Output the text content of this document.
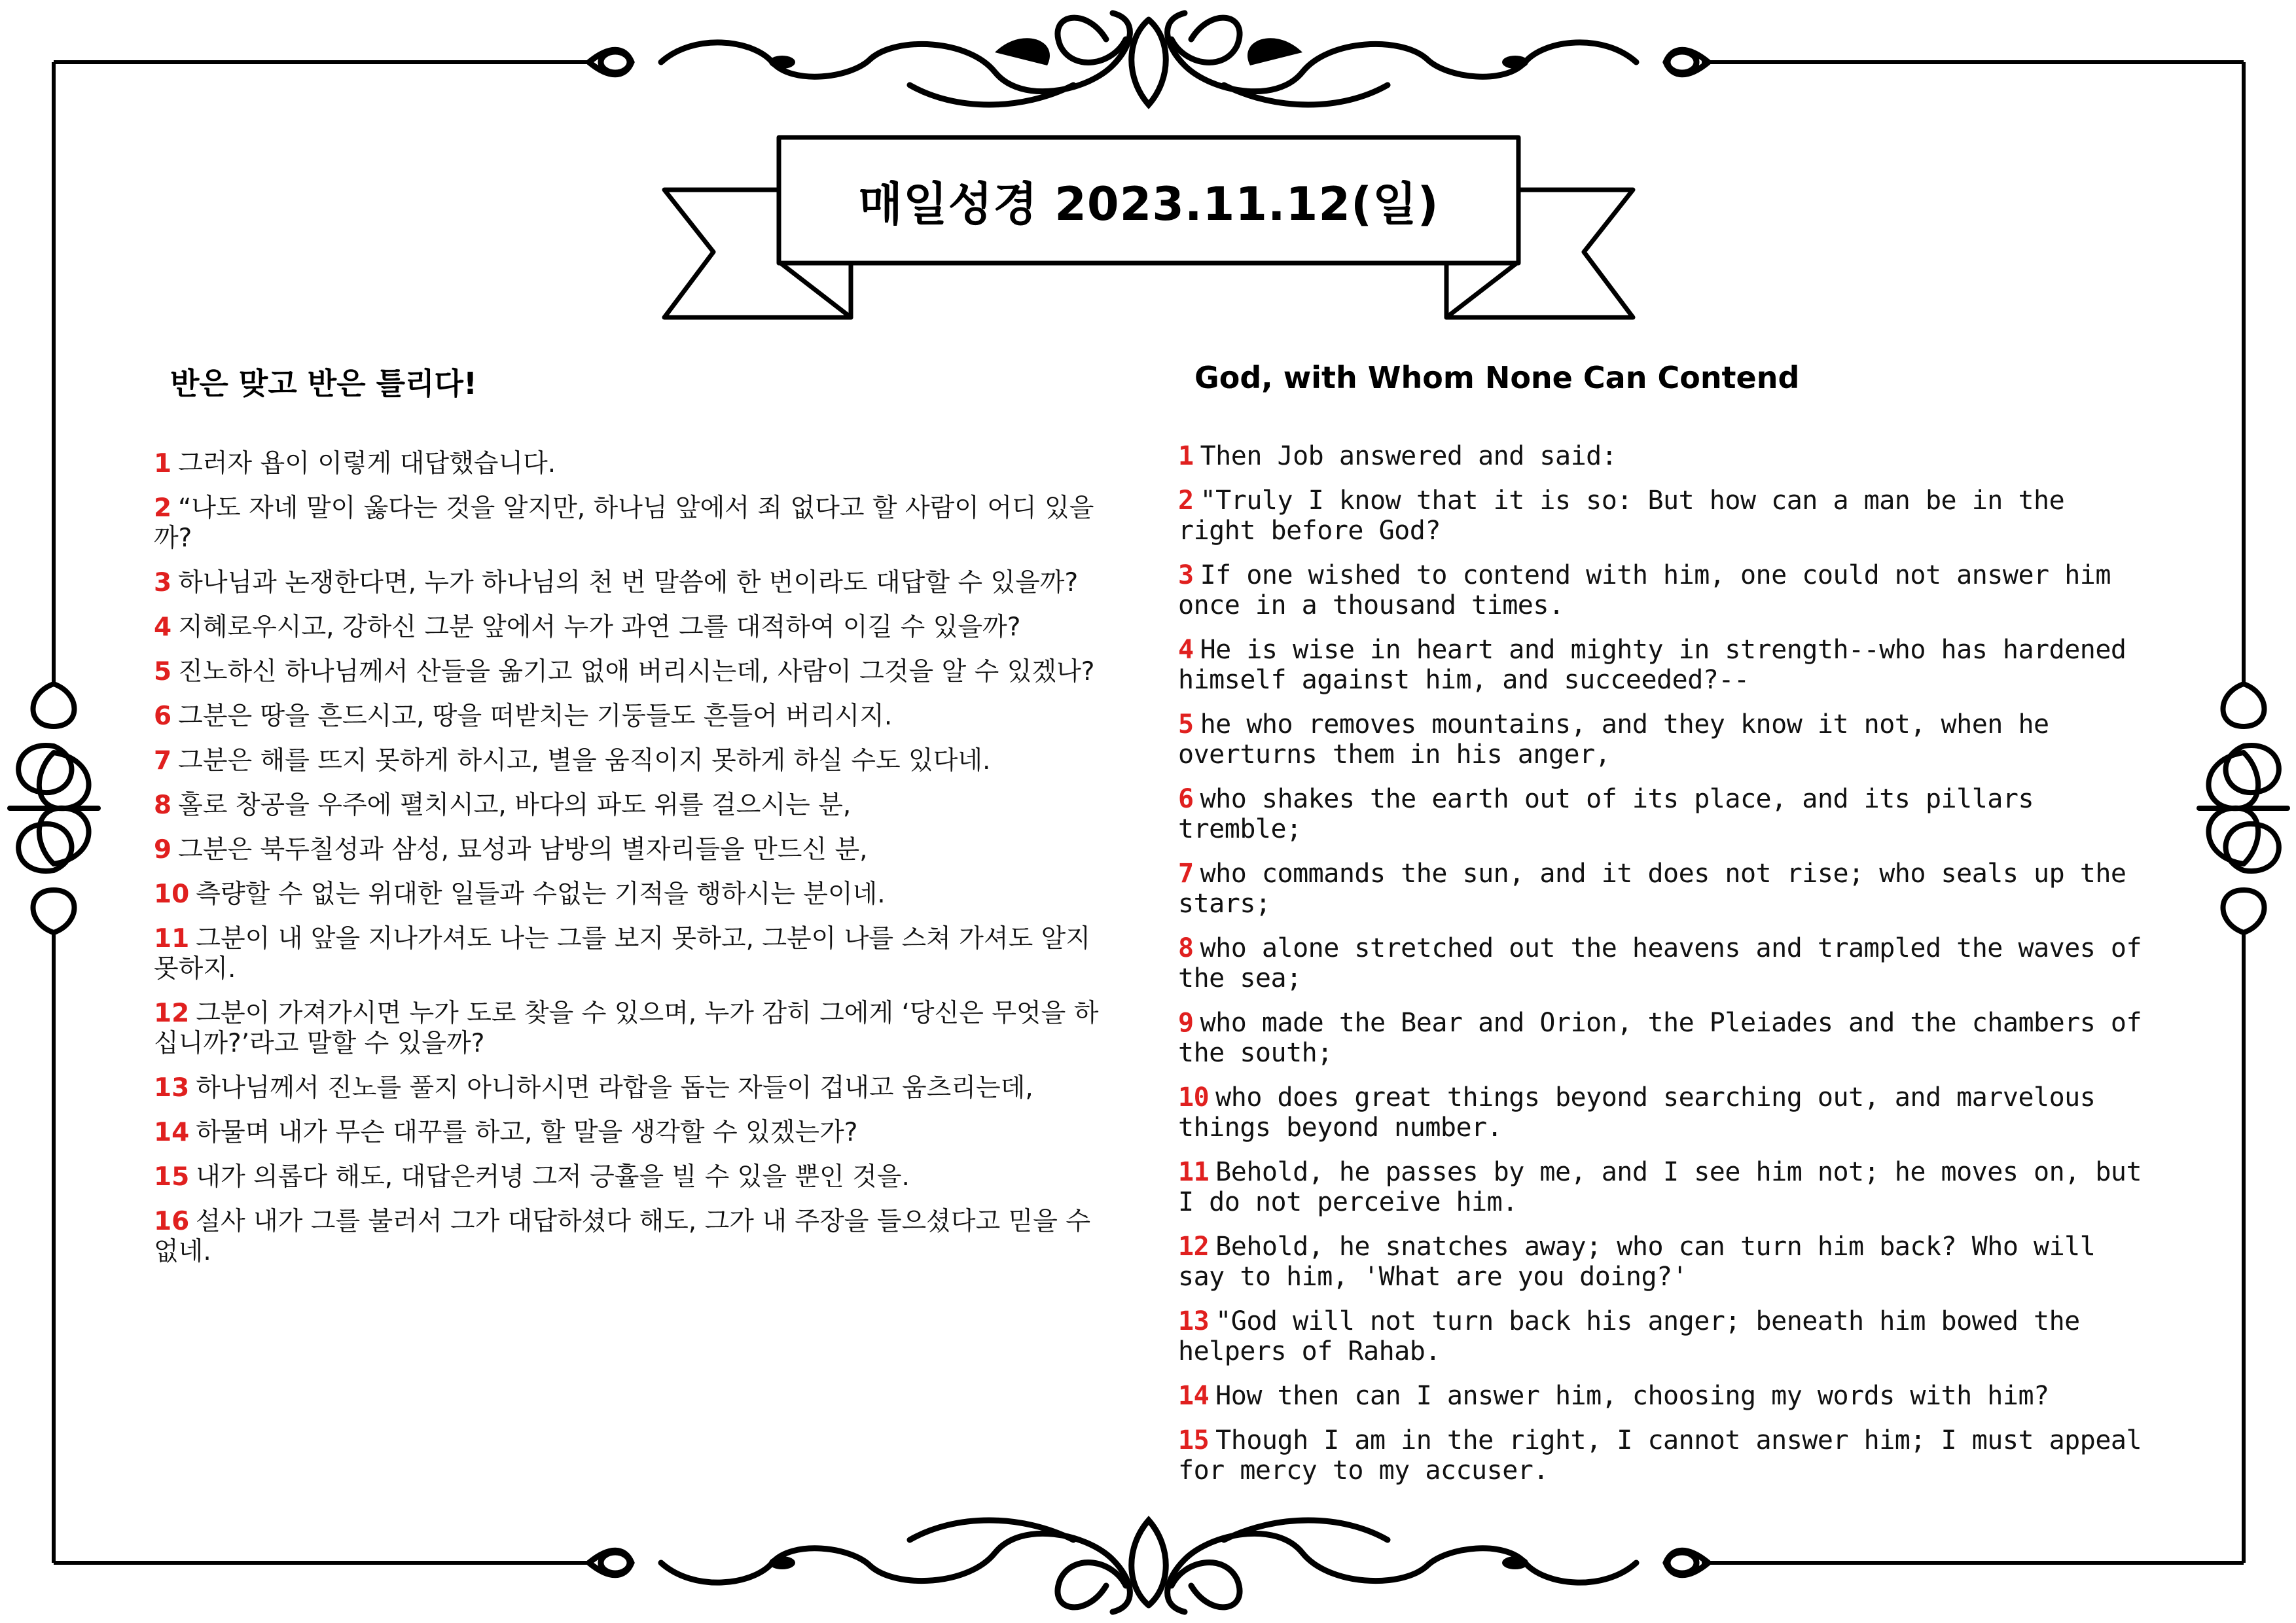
매일성경 2023.11.12(일)
반은 맞고 반은 틀리다!
1 그러자 욥이 이렇게 대답했습니다.
2 “나도 자네 말이 옳다는 것을 알지만, 하나님 앞에서 죄 없다고 할 사람이 어디 있을까?
3 하나님과 논쟁한다면, 누가 하나님의 천 번 말씀에 한 번이라도 대답할 수 있을까?
4 지혜로우시고, 강하신 그분 앞에서 누가 과연 그를 대적하여 이길 수 있을까?
5 진노하신 하나님께서 산들을 옮기고 없애 버리시는데, 사람이 그것을 알 수 있겠나?
6 그분은 땅을 흔드시고, 땅을 떠받치는 기둥들도 흔들어 버리시지.
7 그분은 해를 뜨지 못하게 하시고, 별을 움직이지 못하게 하실 수도 있다네.
8 홀로 창공을 우주에 펼치시고, 바다의 파도 위를 걸으시는 분,
9 그분은 북두칠성과 삼성, 묘성과 남방의 별자리들을 만드신 분,
10 측량할 수 없는 위대한 일들과 수없는 기적을 행하시는 분이네.
11 그분이 내 앞을 지나가셔도 나는 그를 보지 못하고, 그분이 나를 스쳐 가셔도 알지 못하지.
12 그분이 가져가시면 누가 도로 찾을 수 있으며, 누가 감히 그에게 ‘당신은 무엇을 하십니까?’라고 말할 수 있을까?
13 하나님께서 진노를 풀지 아니하시면 라합을 돕는 자들이 겁내고 움츠리는데,
14 하물며 내가 무슨 대꾸를 하고, 할 말을 생각할 수 있겠는가?
15 내가 의롭다 해도, 대답은커녕 그저 긍휼을 빌 수 있을 뿐인 것을.
16 설사 내가 그를 불러서 그가 대답하셨다 해도, 그가 내 주장을 들으셨다고 믿을 수 없네.
God, with Whom None Can Contend
1 Then Job answered and said:
2 "Truly I know that it is so: But how can a man be in the right before God?
3 If one wished to contend with him, one could not answer him once in a thousand times.
4 He is wise in heart and mighty in strength--who has hardened himself against him, and succeeded?--
5 he who removes mountains, and they know it not, when he overturns them in his anger,
6 who shakes the earth out of its place, and its pillars tremble;
7 who commands the sun, and it does not rise; who seals up the stars;
8 who alone stretched out the heavens and trampled the waves of the sea;
9 who made the Bear and Orion, the Pleiades and the chambers of the south;
10 who does great things beyond searching out, and marvelous things beyond number.
11 Behold, he passes by me, and I see him not; he moves on, but I do not perceive him.
12 Behold, he snatches away; who can turn him back? Who will say to him, 'What are you doing?'
13 "God will not turn back his anger; beneath him bowed the helpers of Rahab.
14 How then can I answer him, choosing my words with him?
15 Though I am in the right, I cannot answer him; I must appeal for mercy to my accuser.
